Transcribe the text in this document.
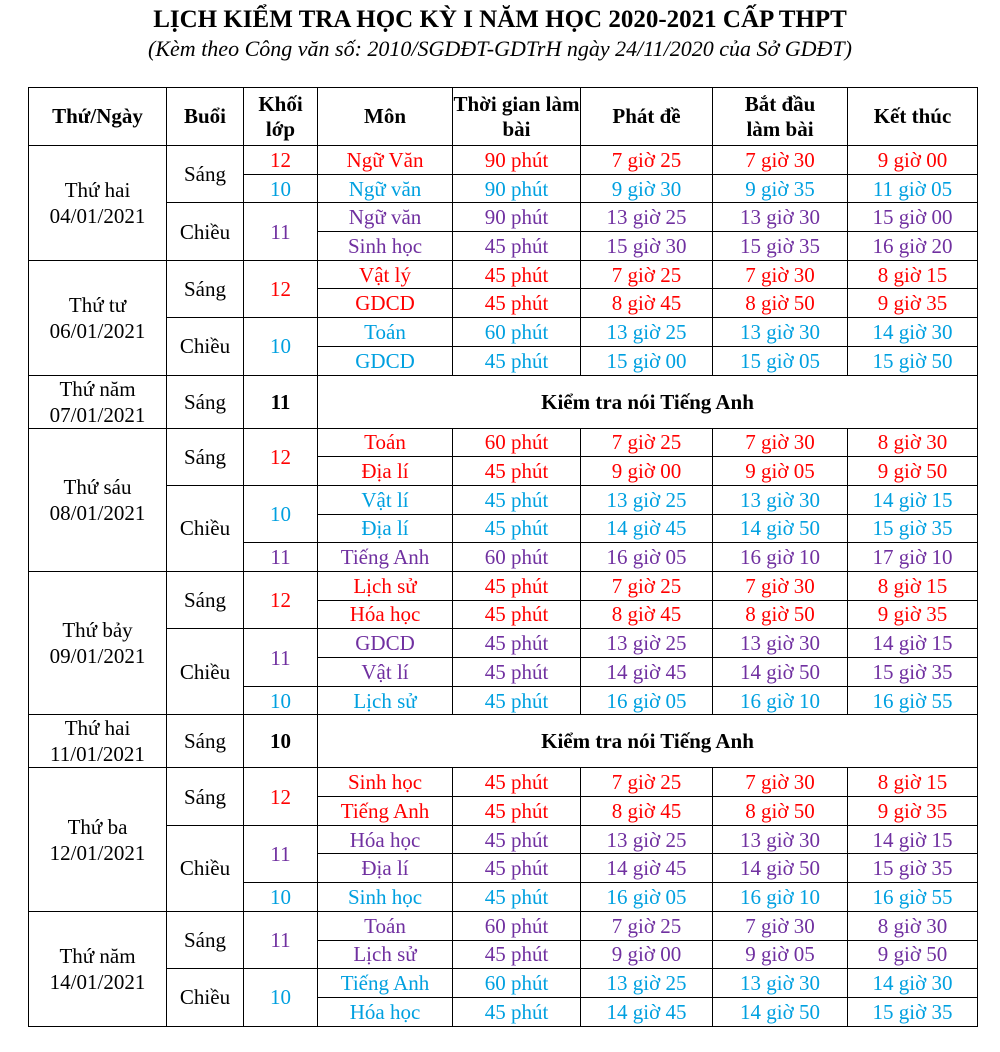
LỊCH KIỂM TRA HỌC KỲ I NĂM HỌC 2020-2021 CẤP THPT
(Kèm theo Công văn số: 2010/SGDĐT-GDTrH ngày 24/11/2020 của Sở GDĐT)
Thứ/Ngày	Buổi	Khối lớp	Môn	Thời gian làm bài	Phát đề	Bắt đầu làm bài	Kết thúc

Thứ hai
04/01/2021	Sáng	12	Ngữ Văn	90 phút	7 giờ 25	7 giờ 30	9 giờ 00
		10	Ngữ văn	90 phút	9 giờ 30	9 giờ 35	11 giờ 05
	Chiều	11	Ngữ văn	90 phút	13 giờ 25	13 giờ 30	15 giờ 00
			Sinh học	45 phút	15 giờ 30	15 giờ 35	16 giờ 20

Thứ tư
06/01/2021	Sáng	12	Vật lý	45 phút	7 giờ 25	7 giờ 30	8 giờ 15
			GDCD	45 phút	8 giờ 45	8 giờ 50	9 giờ 35
	Chiều	10	Toán	60 phút	13 giờ 25	13 giờ 30	14 giờ 30
			GDCD	45 phút	15 giờ 00	15 giờ 05	15 giờ 50

Thứ năm
07/01/2021	Sáng	11	Kiểm tra nói Tiếng Anh				

Thứ sáu
08/01/2021	Sáng	12	Toán	60 phút	7 giờ 25	7 giờ 30	8 giờ 30
			Địa lí	45 phút	9 giờ 00	9 giờ 05	9 giờ 50
	Chiều	10	Vật lí	45 phút	13 giờ 25	13 giờ 30	14 giờ 15
			Địa lí	45 phút	14 giờ 45	14 giờ 50	15 giờ 35
		11	Tiếng Anh	60 phút	16 giờ 05	16 giờ 10	17 giờ 10

Thứ bảy
09/01/2021	Sáng	12	Lịch sử	45 phút	7 giờ 25	7 giờ 30	8 giờ 15
			Hóa học	45 phút	8 giờ 45	8 giờ 50	9 giờ 35
	Chiều	11	GDCD	45 phút	13 giờ 25	13 giờ 30	14 giờ 15
			Vật lí	45 phút	14 giờ 45	14 giờ 50	15 giờ 35
		10	Lịch sử	45 phút	16 giờ 05	16 giờ 10	16 giờ 55

Thứ hai
11/01/2021	Sáng	10	Kiểm tra nói Tiếng Anh				

Thứ ba
12/01/2021	Sáng	12	Sinh học	45 phút	7 giờ 25	7 giờ 30	8 giờ 15
			Tiếng Anh	45 phút	8 giờ 45	8 giờ 50	9 giờ 35
	Chiều	11	Hóa học	45 phút	13 giờ 25	13 giờ 30	14 giờ 15
			Địa lí	45 phút	14 giờ 45	14 giờ 50	15 giờ 35
		10	Sinh học	45 phút	16 giờ 05	16 giờ 10	16 giờ 55

Thứ năm
14/01/2021	Sáng	11	Toán	60 phút	7 giờ 25	7 giờ 30	8 giờ 30
			Lịch sử	45 phút	9 giờ 00	9 giờ 05	9 giờ 50
	Chiều	10	Tiếng Anh	60 phút	13 giờ 25	13 giờ 30	14 giờ 30
			Hóa học	45 phút	14 giờ 45	14 giờ 50	15 giờ 35
